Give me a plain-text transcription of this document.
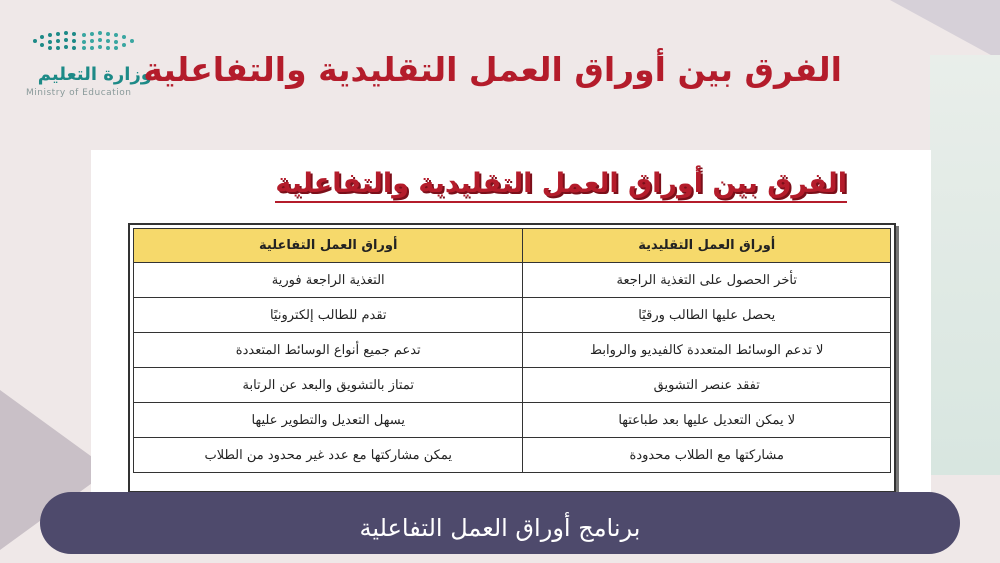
وزارة التعليم
Ministry of Education
الفرق بين أوراق العمل التقليدية والتفاعلية
الفرق بين أوراق العمل التقليدية والتفاعلية
أوراق العمل التقليدية	أوراق العمل التفاعلية
تأخر الحصول على التغذية الراجعة	التغذية الراجعة فورية
يحصل عليها الطالب ورقيًا	تقدم للطالب إلكترونيًا
لا تدعم الوسائط المتعددة كالفيديو والروابط	تدعم جميع أنواع الوسائط المتعددة
تفقد عنصر التشويق	تمتاز بالتشويق والبعد عن الرتابة
لا يمكن التعديل عليها بعد طباعتها	يسهل التعديل والتطوير عليها
مشاركتها مع الطلاب محدودة	يمكن مشاركتها مع عدد غير محدود من الطلاب
برنامج أوراق العمل التفاعلية
